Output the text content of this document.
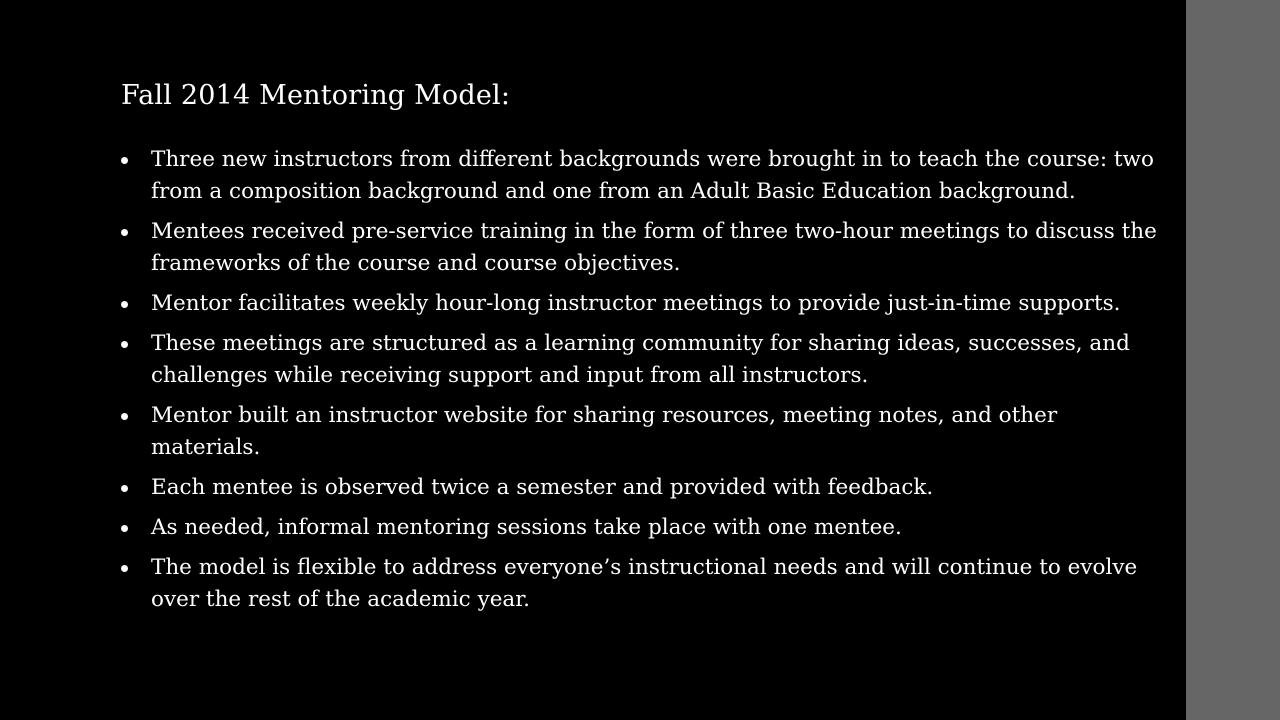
Fall 2014 Mentoring Model:
Three new instructors from different backgrounds were brought in to teach the course: two from a composition background and one from an Adult Basic Education background.
Mentees received pre-service training in the form of three two-hour meetings to discuss the frameworks of the course and course objectives.
Mentor facilitates weekly hour-long instructor meetings to provide just-in-time supports.
These meetings are structured as a learning community for sharing ideas, successes, and challenges while receiving support and input from all instructors.
Mentor built an instructor website for sharing resources, meeting notes, and other materials.
Each mentee is observed twice a semester and provided with feedback.
As needed, informal mentoring sessions take place with one mentee.
The model is flexible to address everyone’s instructional needs and will continue to evolve over the rest of the academic year.
